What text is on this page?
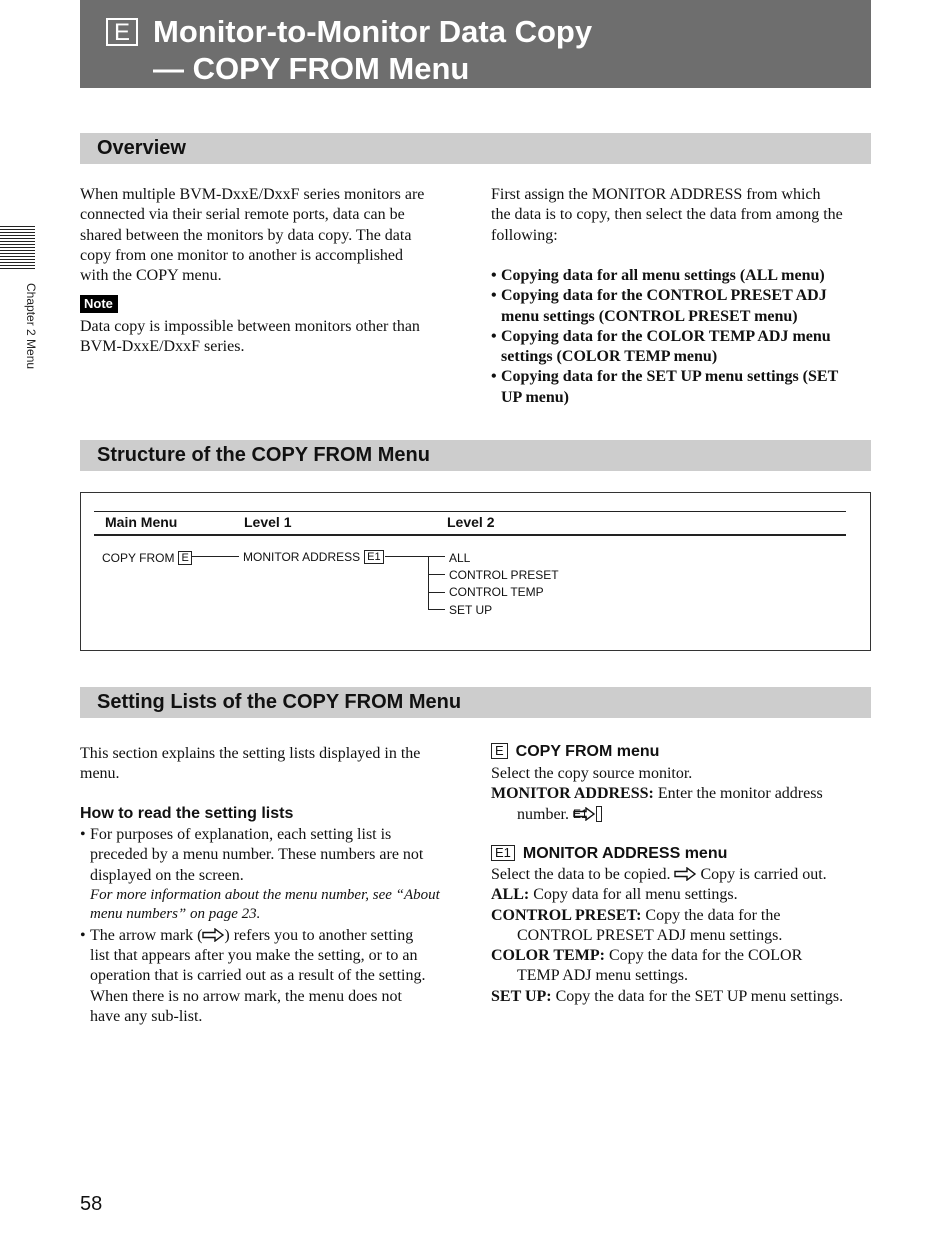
E Monitor-to-Monitor Data Copy
— COPY FROM Menu
Chapter 2 Menu
Overview
When multiple BVM-DxxE/DxxF series monitors are
connected via their serial remote ports, data can be
shared between the monitors by data copy. The data
copy from one monitor to another is accomplished
with the COPY menu.
Note
Data copy is impossible between monitors other than
BVM-DxxE/DxxF series.
First assign the MONITOR ADDRESS from which
the data is to copy, then select the data from among the
following:
• Copying data for all menu settings (ALL menu)
• Copying data for the CONTROL PRESET ADJ
menu settings (CONTROL PRESET menu)
• Copying data for the COLOR TEMP ADJ menu
settings (COLOR TEMP menu)
• Copying data for the SET UP menu settings (SET
UP menu)
Structure of the COPY FROM Menu
Main Menu	Level 1	Level 2
COPY FROM E	MONITOR ADDRESS E1	ALL
CONTROL PRESET
CONTROL TEMP
SET UP
Setting Lists of the COPY FROM Menu
This section explains the setting lists displayed in the
menu.
How to read the setting lists
• For purposes of explanation, each setting list is
preceded by a menu number. These numbers are not
displayed on the screen.
For more information about the menu number, see “About
menu numbers” on page 23.
• The arrow mark ( ) refers you to another setting
list that appears after you make the setting, or to an
operation that is carried out as a result of the setting.
When there is no arrow mark, the menu does not
have any sub-list.
E COPY FROM menu
Select the copy source monitor.
MONITOR ADDRESS: Enter the monitor address
number. E1
E1 MONITOR ADDRESS menu
Select the data to be copied. Copy is carried out.
ALL: Copy data for all menu settings.
CONTROL PRESET: Copy the data for the
CONTROL PRESET ADJ menu settings.
COLOR TEMP: Copy the data for the COLOR
TEMP ADJ menu settings.
SET UP: Copy the data for the SET UP menu settings.
58
